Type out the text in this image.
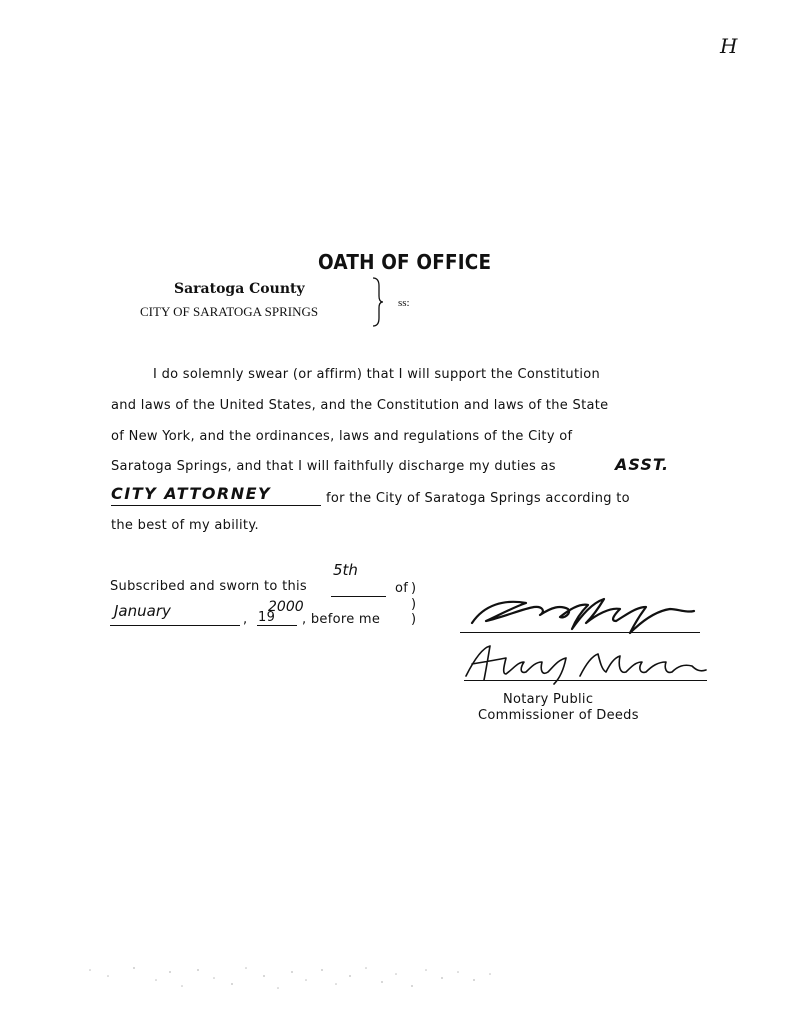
H
OATH OF OFFICE
Saratoga County
CITY OF SARATOGA SPRINGS
ss:
I do solemnly swear (or affirm) that I will support the Constitution
and laws of the United States, and the Constitution and laws of the State
of New York, and the ordinances, laws and regulations of the City of
Saratoga Springs, and that I will faithfully discharge my duties as	ASST.
CITY ATTORNEY	for the City of Saratoga Springs according to
the best of my ability.
Subscribed and sworn to this
5th
of )
)
)
January	, 19
2000
, before me
Notary Public
Commissioner of Deeds
